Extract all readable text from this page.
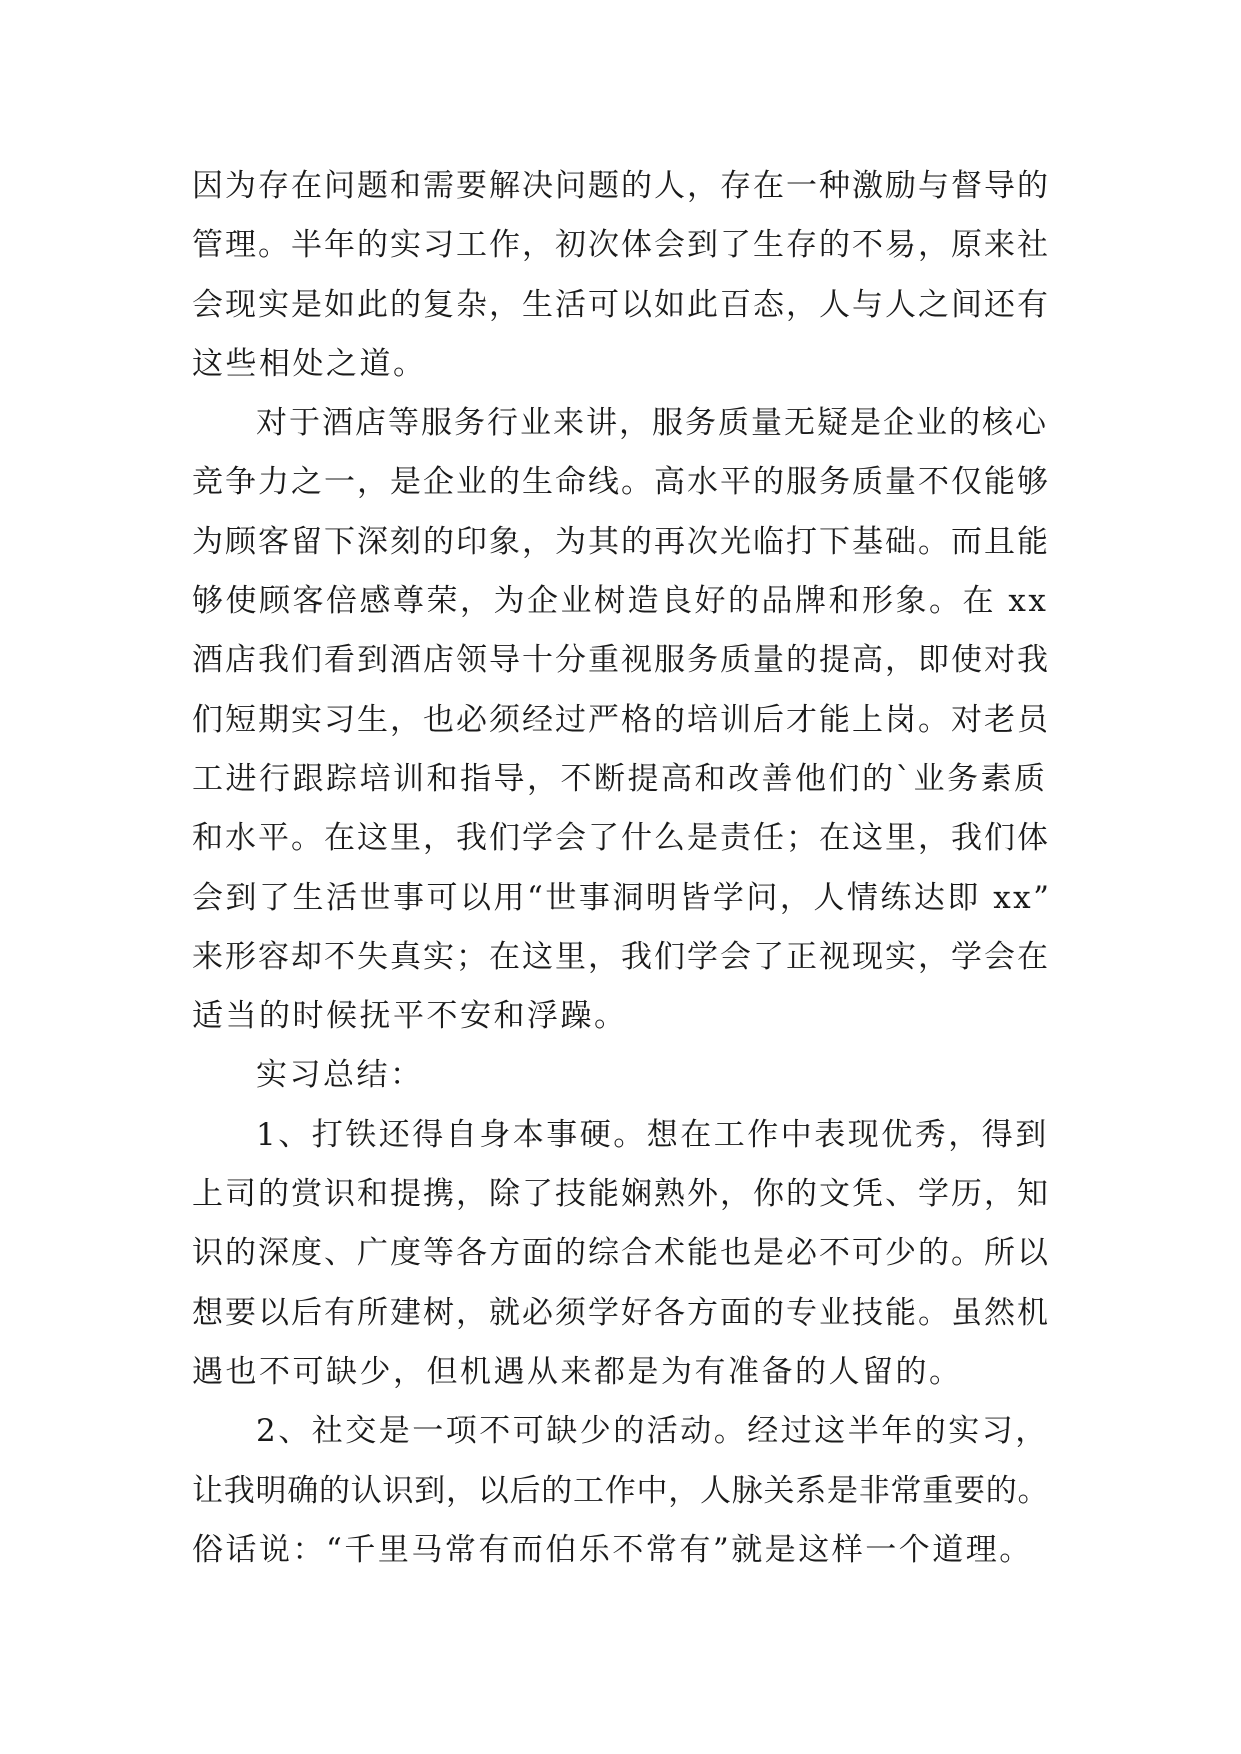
因为存在问题和需要解决问题的人，存在一种激励与督导的
管理。半年的实习工作，初次体会到了生存的不易，原来社
会现实是如此的复杂，生活可以如此百态，人与人之间还有
这些相处之道。
对于酒店等服务行业来讲，服务质量无疑是企业的核心
竞争力之一，是企业的生命线。高水平的服务质量不仅能够
为顾客留下深刻的印象，为其的再次光临打下基础。而且能
够使顾客倍感尊荣，为企业树造良好的品牌和形象。在 xx
酒店我们看到酒店领导十分重视服务质量的提高，即使对我
们短期实习生，也必须经过严格的培训后才能上岗。对老员
工进行跟踪培训和指导，不断提高和改善他们的`业务素质
和水平。在这里，我们学会了什么是责任；在这里，我们体
会到了生活世事可以用“世事洞明皆学问，人情练达即 xx”
来形容却不失真实；在这里，我们学会了正视现实，学会在
适当的时候抚平不安和浮躁。
实习总结：
1、打铁还得自身本事硬。想在工作中表现优秀，得到
上司的赏识和提携，除了技能娴熟外，你的文凭、学历，知
识的深度、广度等各方面的综合术能也是必不可少的。所以
想要以后有所建树，就必须学好各方面的专业技能。虽然机
遇也不可缺少，但机遇从来都是为有准备的人留的。
2、社交是一项不可缺少的活动。经过这半年的实习，
让我明确的认识到，以后的工作中，人脉关系是非常重要的。
俗话说：“千里马常有而伯乐不常有”就是这样一个道理。
